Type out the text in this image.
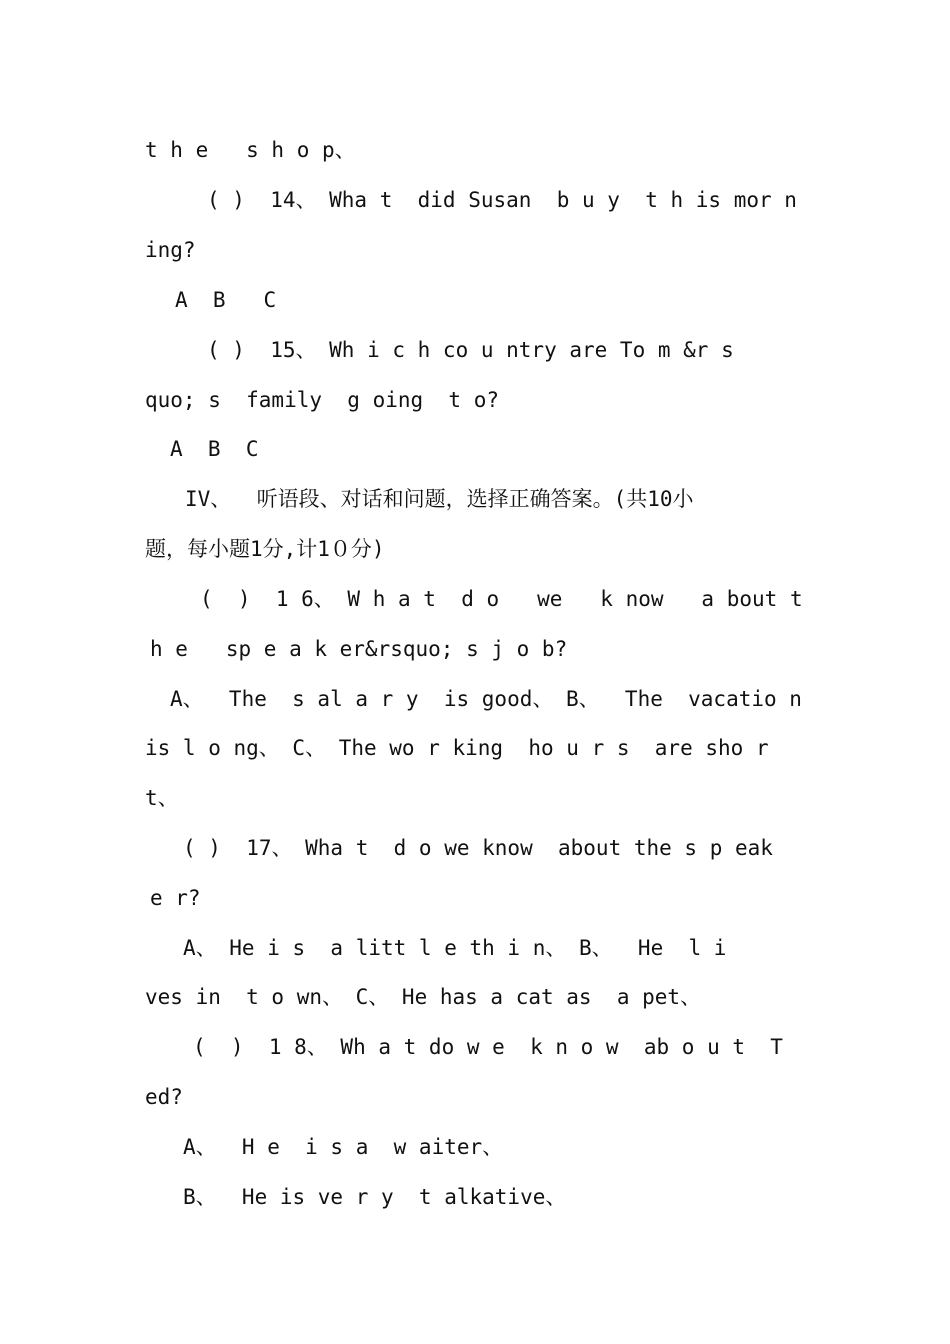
t h e   s h o p、
( )  14、 Wha t  did Susan  b u y  t h is mor n
ing?
A  B   C
( )  15、 Wh i c h co u ntry are To m &r s
quo; s  family  g oing  t o?
A  B  C
IV、  听语段、对话和问题，选择正确答案。(共10小
题，每小题1分,计1０分)
(  )  1 6、 W h a t  d o   we   k now   a bout t
h e   sp e a k er&rsquo; s j o b?
A、  The  s al a r y  is good、 B、  The  vacatio n
is l o ng、 C、 The wo r king  ho u r s  are sho r
t、
( )  17、 Wha t  d o we know  about the s p eak
e r?
A、 He i s  a litt l e th i n、 B、  He  l i
ves in  t o wn、 C、 He has a cat as  a pet、
(  )  1 8、 Wh a t do w e  k n o w  ab o u t  T
ed?
A、  H e  i s a  w aiter、
B、  He is ve r y  t alkative、
